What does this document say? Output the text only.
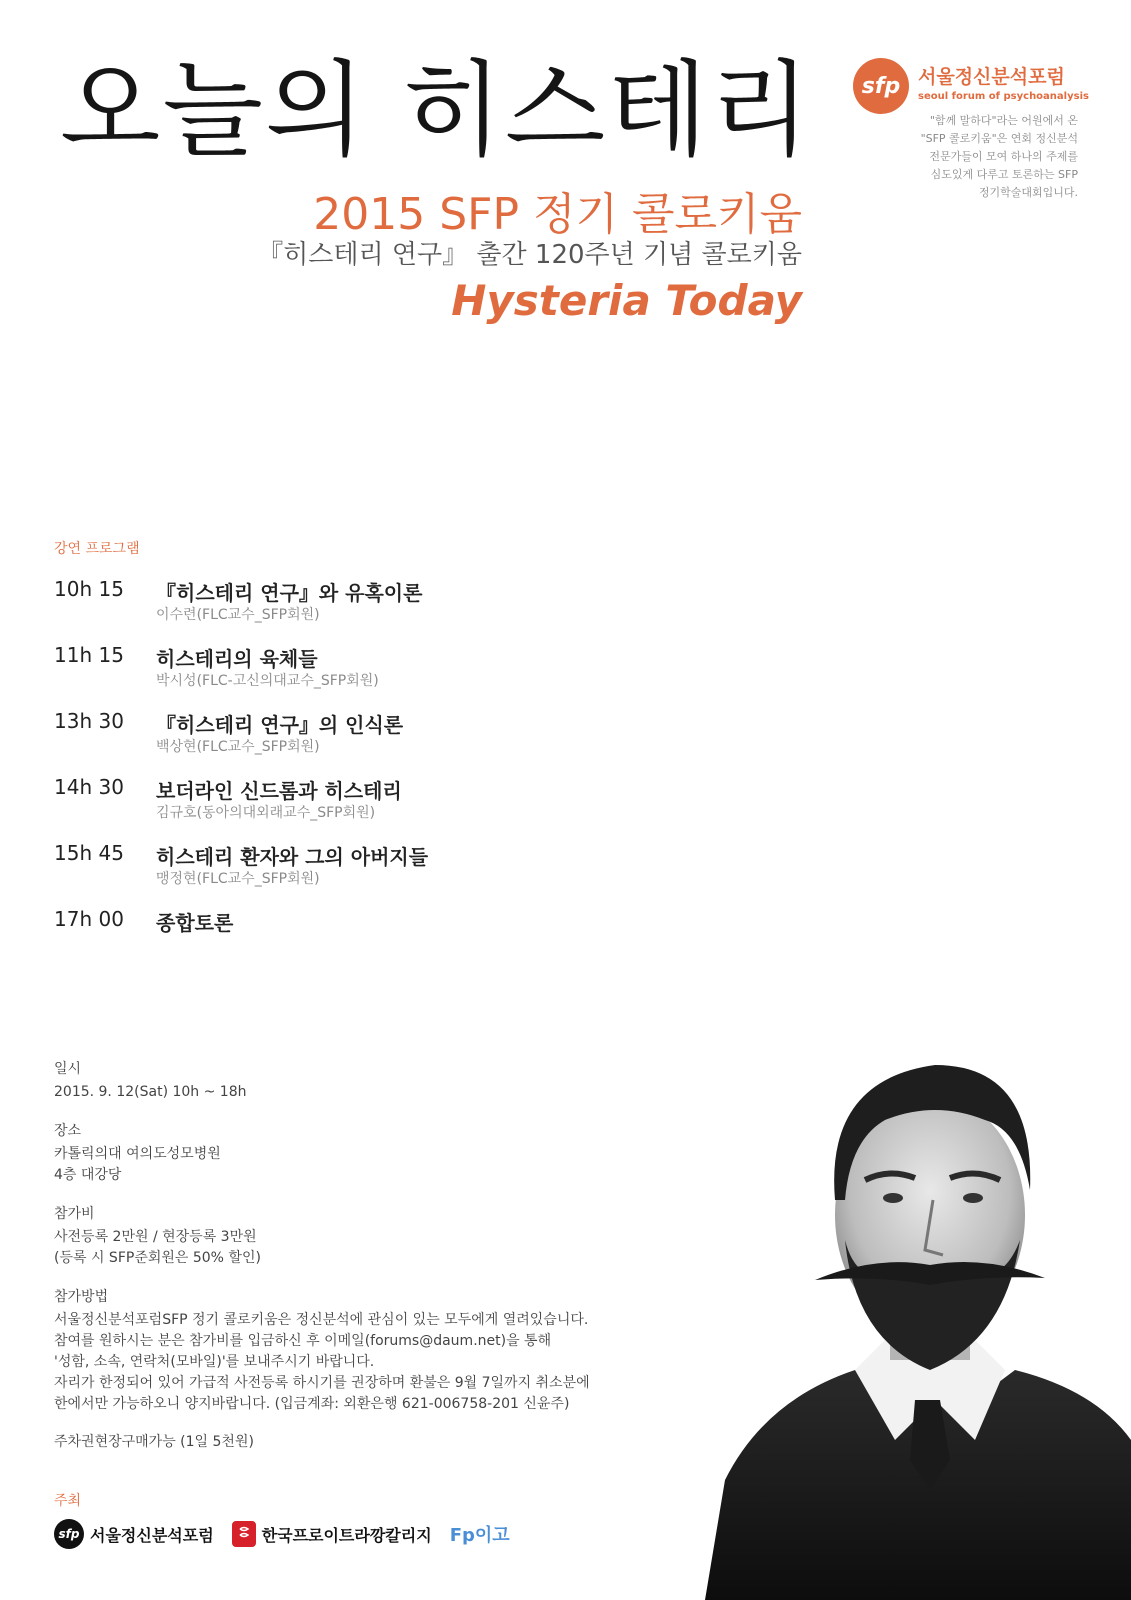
오늘의 히스테리
2015 SFP 정기 콜로키움
『히스테리 연구』 출간 120주년 기념 콜로키움
Hysteria Today
sfp 서울정신분석포럼
seoul forum of psychoanalysis
"함께 말하다"라는 어원에서 온
"SFP 콜로키움"은 연회 정신분석
전문가들이 모여 하나의 주제를
심도있게 다루고 토론하는 SFP
정기학술대회입니다.
강연 프로그램
10h 15 『히스테리 연구』와 유혹이론
이수련(FLC교수_SFP회원)
11h 15 히스테리의 육체들
박시성(FLC-고신의대교수_SFP회원)
13h 30 『히스테리 연구』의 인식론
백상현(FLC교수_SFP회원)
14h 30 보더라인 신드롬과 히스테리
김규호(동아의대외래교수_SFP회원)
15h 45 히스테리 환자와 그의 아버지들
맹정현(FLC교수_SFP회원)
17h 00 종합토론
일시
2015. 9. 12(Sat) 10h ~ 18h
장소
카톨릭의대 여의도성모병원
4층 대강당
참가비
사전등록 2만원 / 현장등록 3만원
(등록 시 SFP준회원은 50% 할인)
참가방법
서울정신분석포럼SFP 정기 콜로키움은 정신분석에 관심이 있는 모두에게 열려있습니다.
참여를 원하시는 분은 참가비를 입금하신 후 이메일(forums@daum.net)을 통해
'성함, 소속, 연락처(모바일)'를 보내주시기 바랍니다.
자리가 한정되어 있어 가급적 사전등록 하시기를 권장하며 환불은 9월 7일까지 취소분에
한에서만 가능하오니 양지바랍니다. (입금계좌: 외환은행 621-006758-201 신윤주)
주차권현장구매가능 (1일 5천원)
주최
sfp 서울정신분석포럼	한국프로이트라깡칼리지 Fp이고
